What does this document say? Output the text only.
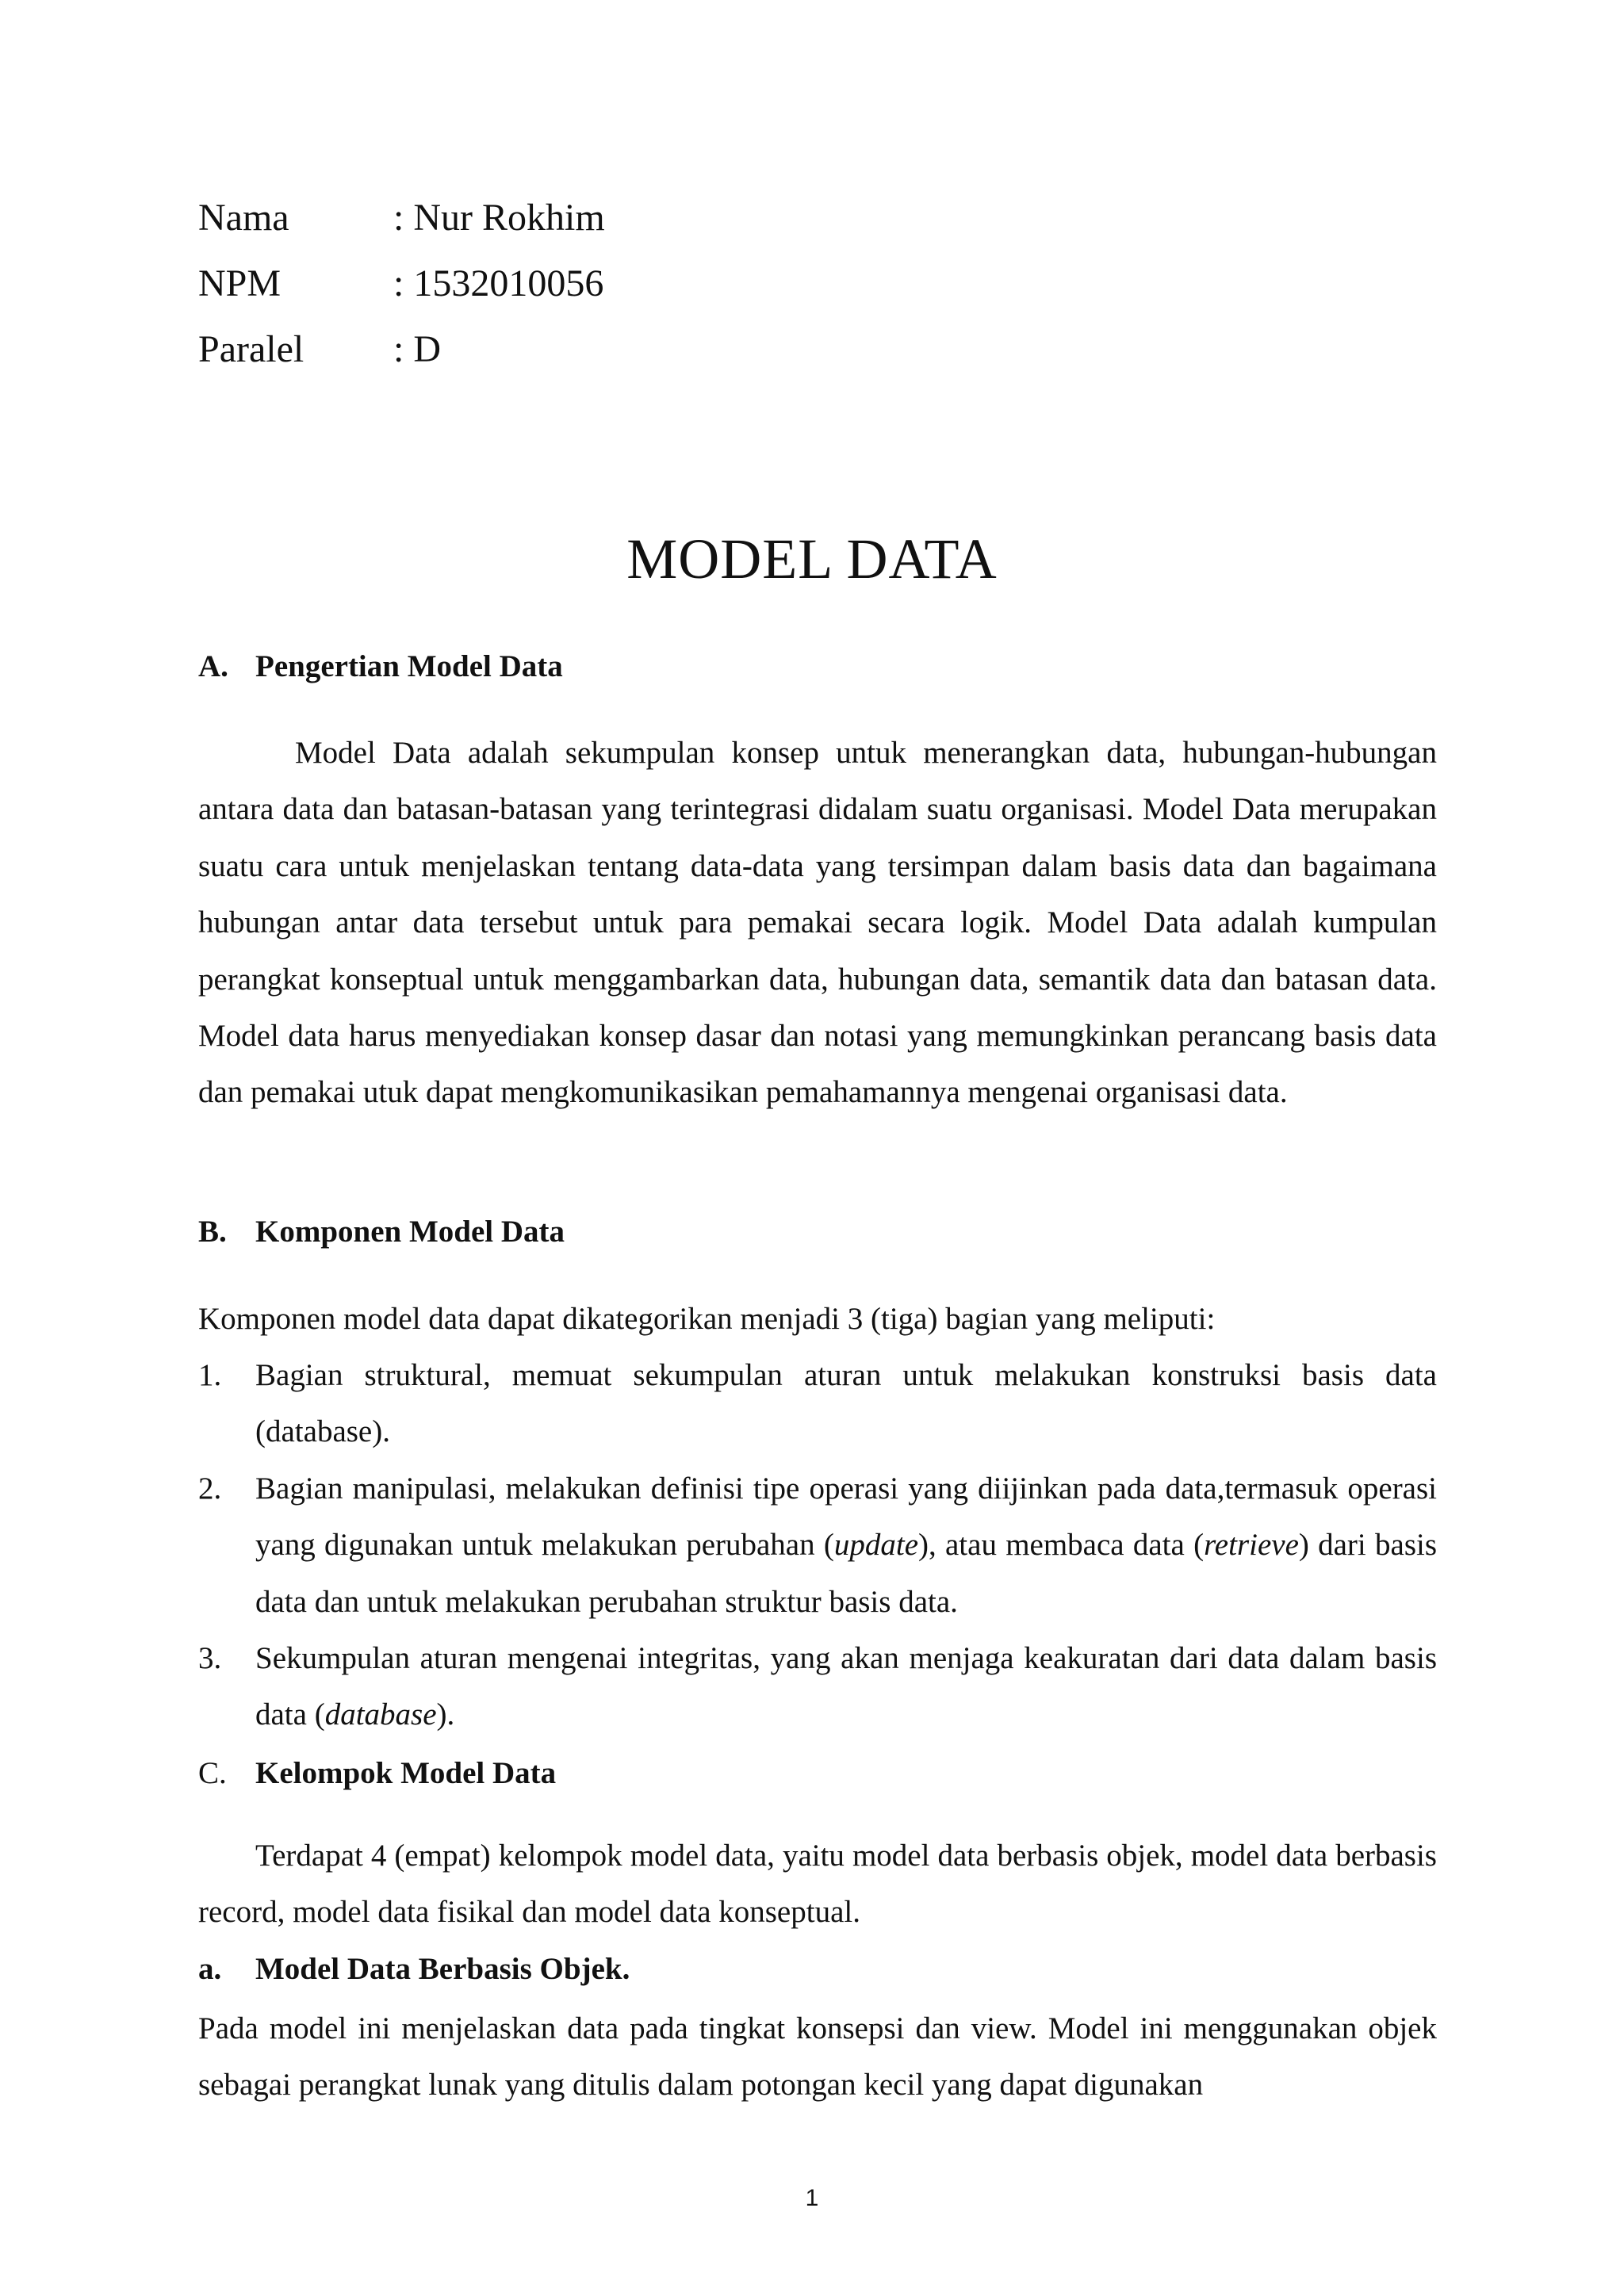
Nama	: Nur Rokhim
NPM	: 1532010056
Paralel : D
MODEL DATA
A. Pengertian Model Data

Model Data adalah sekumpulan konsep untuk menerangkan data, hubungan-hubungan antara data dan batasan-batasan yang terintegrasi didalam suatu organisasi. Model Data merupakan suatu cara untuk menjelaskan tentang data-data yang tersimpan dalam basis data dan bagaimana hubungan antar data tersebut untuk para pemakai secara logik. Model Data adalah kumpulan perangkat konseptual untuk menggambarkan data, hubungan data, semantik data dan batasan data. Model data harus menyediakan konsep dasar dan notasi yang memungkinkan perancang basis data dan pemakai utuk dapat mengkomunikasikan pemahamannya mengenai organisasi data.

B. Komponen Model Data

Komponen model data dapat dikategorikan menjadi 3 (tiga) bagian yang meliputi:

1. Bagian struktural, memuat sekumpulan aturan untuk melakukan konstruksi basis data (database).
2. Bagian manipulasi, melakukan definisi tipe operasi yang diijinkan pada data,termasuk operasi yang digunakan untuk melakukan perubahan (update), atau membaca data (retrieve) dari basis data dan untuk melakukan perubahan struktur basis data.
3. Sekumpulan aturan mengenai integritas, yang akan menjaga keakuratan dari data dalam basis data (database).
C. Kelompok Model Data

Terdapat 4 (empat) kelompok model data, yaitu model data berbasis objek, model data berbasis record, model data fisikal dan model data konseptual.

a. Model Data Berbasis Objek.

Pada model ini menjelaskan data pada tingkat konsepsi dan view. Model ini menggunakan objek sebagai perangkat lunak yang ditulis dalam potongan kecil yang dapat digunakan

1
